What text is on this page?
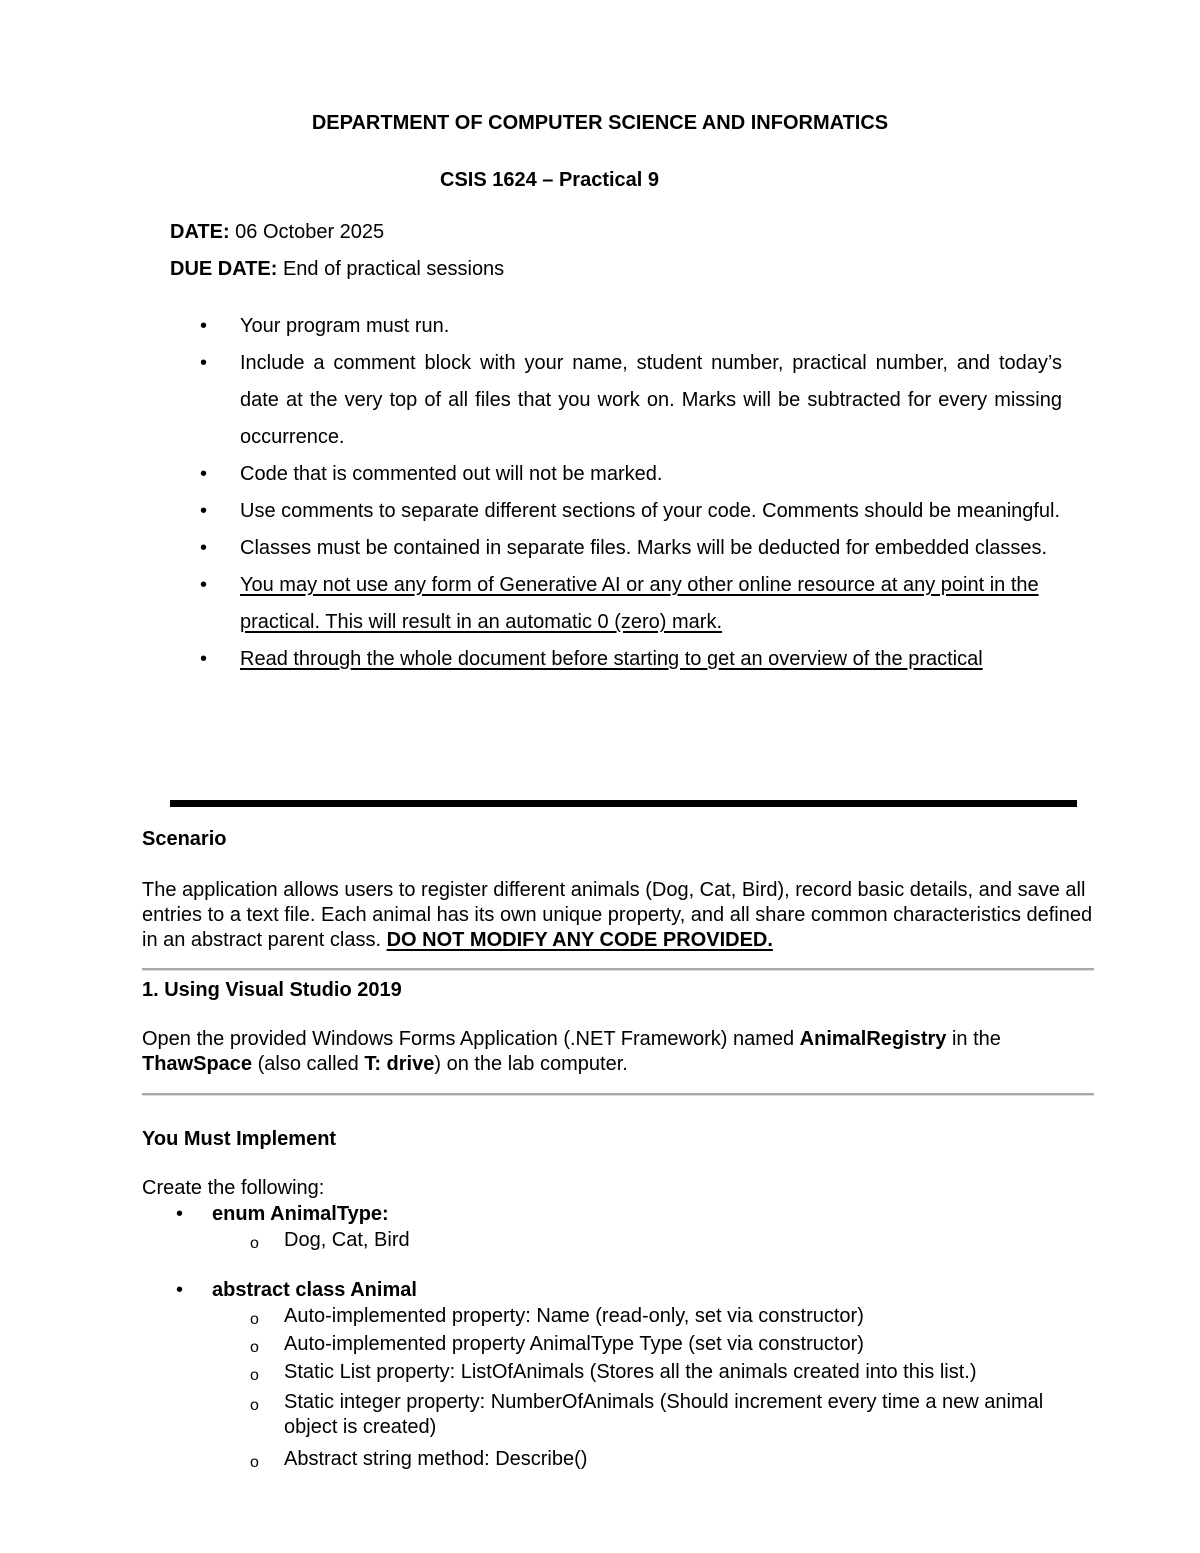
DEPARTMENT OF COMPUTER SCIENCE AND INFORMATICS
CSIS 1624 – Practical 9
DATE: 06 October 2025
DUE DATE: End of practical sessions
• Your program must run.
• Include a comment block with your name, student number, practical number, and today’s date at the very top of all files that you work on. Marks will be subtracted for every missing occurrence.
• Code that is commented out will not be marked.
• Use comments to separate different sections of your code. Comments should be meaningful.
• Classes must be contained in separate files. Marks will be deducted for embedded classes.
• You may not use any form of Generative AI or any other online resource at any point in the practical. This will result in an automatic 0 (zero) mark.
• Read through the whole document before starting to get an overview of the practical
Scenario

The application allows users to register different animals (Dog, Cat, Bird), record basic details, and save all entries to a text file. Each animal has its own unique property, and all share common characteristics defined in an abstract parent class. DO NOT MODIFY ANY CODE PROVIDED.

1. Using Visual Studio 2019

Open the provided Windows Forms Application (.NET Framework) named AnimalRegistry in the ThawSpace (also called T: drive) on the lab computer.

You Must Implement
Create the following:
• enum AnimalType:
o Dog, Cat, Bird
• abstract class Animal
o Auto-implemented property: Name (read-only, set via constructor)
o Auto-implemented property AnimalType Type (set via constructor)
o Static List property: ListOfAnimals (Stores all the animals created into this list.)
o Static integer property: NumberOfAnimals (Should increment every time a new animal object is created)
o Abstract string method: Describe()
